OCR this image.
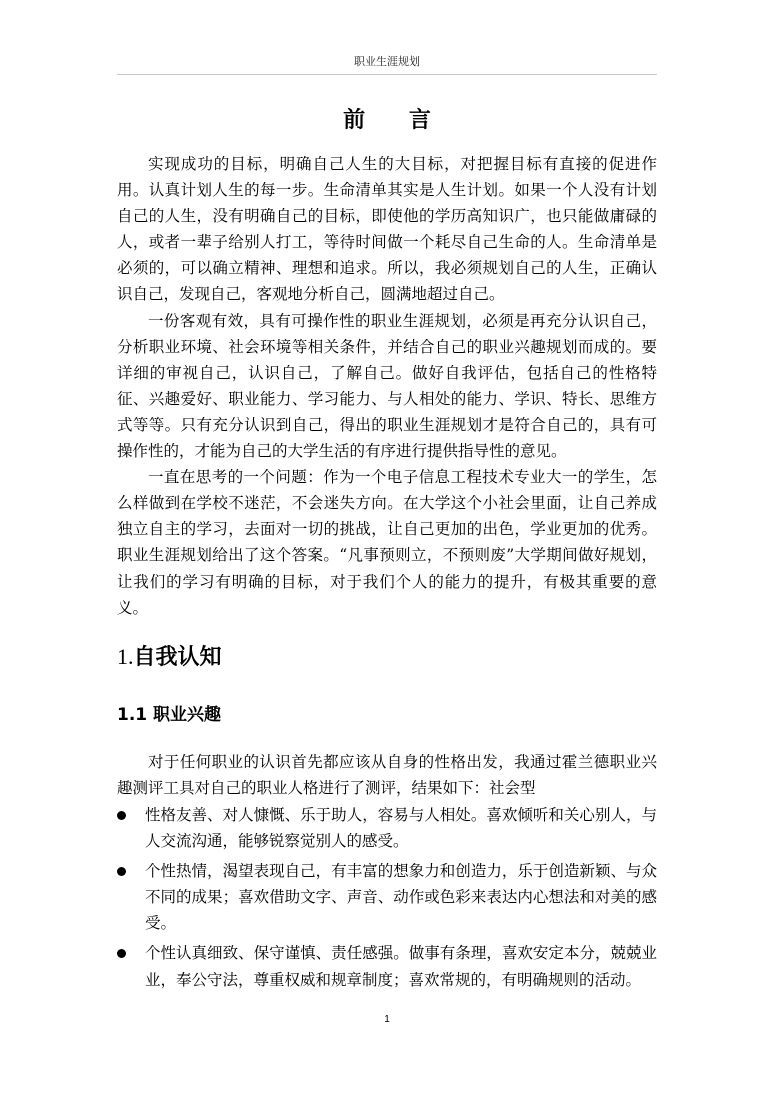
职业生涯规划
前 言

实现成功的目标，明确自己人生的大目标，对把握目标有直接的促进作用。认真计划人生的每一步。生命清单其实是人生计划。如果一个人没有计划自己的人生，没有明确自己的目标，即使他的学历高知识广，也只能做庸碌的人，或者一辈子给别人打工，等待时间做一个耗尽自己生命的人。生命清单是必须的，可以确立精神、理想和追求。所以，我必须规划自己的人生，正确认识自己，发现自己，客观地分析自己，圆满地超过自己。

一份客观有效，具有可操作性的职业生涯规划，必须是再充分认识自己，分析职业环境、社会环境等相关条件，并结合自己的职业兴趣规划而成的。要详细的审视自己，认识自己，了解自己。做好自我评估，包括自己的性格特征、兴趣爱好、职业能力、学习能力、与人相处的能力、学识、特长、思维方式等等。只有充分认识到自己，得出的职业生涯规划才是符合自己的，具有可操作性的，才能为自己的大学生活的有序进行提供指导性的意见。

一直在思考的一个问题：作为一个电子信息工程技术专业大一的学生，怎么样做到在学校不迷茫，不会迷失方向。在大学这个小社会里面，让自己养成独立自主的学习，去面对一切的挑战，让自己更加的出色，学业更加的优秀。职业生涯规划给出了这个答案。“凡事预则立，不预则废”大学期间做好规划，让我们的学习有明确的目标，对于我们个人的能力的提升，有极其重要的意义。

1.自我认知
1.1 职业兴趣

对于任何职业的认识首先都应该从自身的性格出发，我通过霍兰德职业兴趣测评工具对自己的职业人格进行了测评，结果如下：社会型

性格友善、对人慷慨、乐于助人，容易与人相处。喜欢倾听和关心别人，与人交流沟通，能够锐察觉别人的感受。
个性热情，渴望表现自己，有丰富的想象力和创造力，乐于创造新颖、与众不同的成果；喜欢借助文字、声音、动作或色彩来表达内心想法和对美的感受。
个性认真细致、保守谨慎、责任感强。做事有条理，喜欢安定本分，兢兢业业，奉公守法，尊重权威和规章制度；喜欢常规的，有明确规则的活动。
1
